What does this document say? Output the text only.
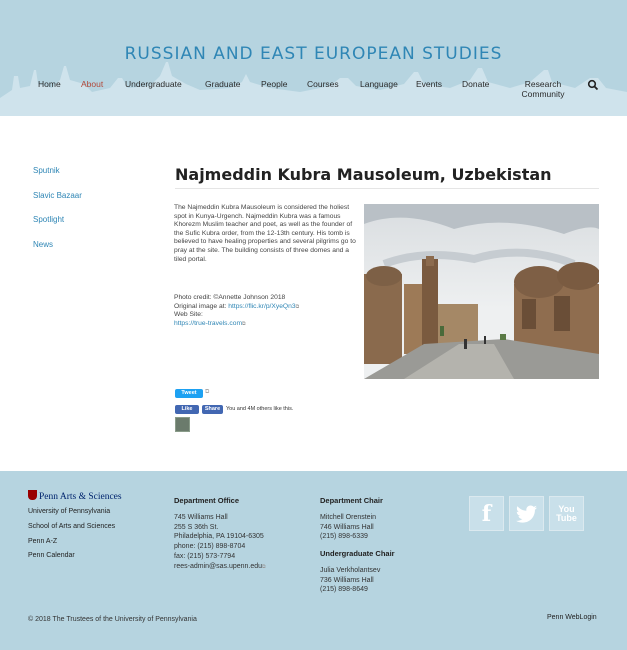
RUSSIAN AND EAST EUROPEAN STUDIES
Home About	Undergraduate	Graduate People Courses	Language Events Donate	Research Community
Sputnik
Slavic Bazaar
Spotlight
News
Najmeddin Kubra Mausoleum, Uzbekistan

The Najmeddin Kubra Mausoleum is considered the holiest spot in Kunya-Urgench. Najmeddin Kubra was a famous Khorezm Muslim teacher and poet, as well as the founder of the Sufic Kubra order, from the 12-13th century. His tomb is believed to have healing properties and several pilgrims go to pray at the site. The building consists of three domes and a tiled portal.

Photo credit: ©Annette Johnson 2018
Original image at: https://flic.kr/p/XyeQn3⧉
Web Site:
https://true-travels.com⧉
Tweet	⧉
Like	Share	You and 4M others like this.
Penn Arts & Sciences
University of Pennsylvania
School of Arts and Sciences
Penn A-Z
Penn Calendar
Department Office
745 Williams Hall
255 S 36th St.
Philadelphia, PA 19104-6305
phone: (215) 898-8704
fax: (215) 573-7794
rees-admin@sas.upenn.edu⧉
Department Chair
Mitchell Orenstein
746 Williams Hall
(215) 898-6339
Undergraduate Chair
Julia Verkholantsev
736 Williams Hall
(215) 898-8649
f	You Tube
© 2018 The Trustees of the University of Pennsylvania	Penn WebLogin
